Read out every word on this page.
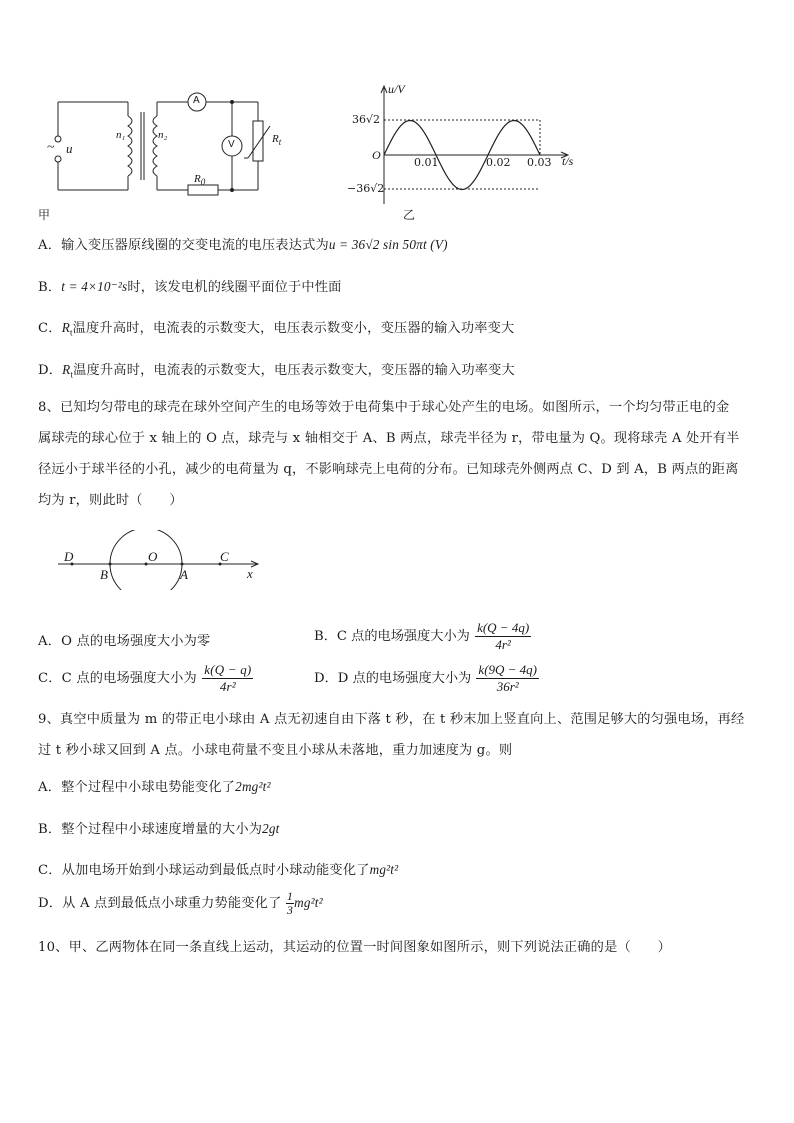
~ u
n₁	n₂
A
V	$R_t$
$R_0$
甲
u/V
t/s
O
36√2
−36√2
0.01	0.02 0.03
乙
A．输入变压器原线圈的交变电流的电压表达式为u = 36√2 sin 50πt (V)
B．t = 4×10⁻²s时，该发电机的线圈平面位于中性面
C．$R_t$温度升高时，电流表的示数变大，电压表示数变小，变压器的输入功率变大
D．$R_t$温度升高时，电流表的示数变大，电压表示数变大，变压器的输入功率变大
8、已知均匀带电的球壳在球外空间产生的电场等效于电荷集中于球心处产生的电场。如图所示，一个均匀带正电的金
属球壳的球心位于 x 轴上的 O 点，球壳与 x 轴相交于 A、B 两点，球壳半径为 r，带电量为 Q。现将球壳 A 处开有半
径远小于球半径的小孔，减少的电荷量为 q，不影响球壳上电荷的分布。已知球壳外侧两点 C、D 到 A，B 两点的距离
均为 r，则此时（　　）
D	O	C
B	A	x
A．O 点的电场强度大小为零	B．C 点的电场强度大小为 $\frac{k(Q - 4q)}{\text{4r²}}$
C．C 点的电场强度大小为 $\frac{k(Q - q)}{\text{4r²}}$	D．D 点的电场强度大小为 $\frac{k(9Q - 4q)}{\text{36r²}}$
9、真空中质量为 m 的带正电小球由 A 点无初速自由下落 t 秒，在 t 秒末加上竖直向上、范围足够大的匀强电场，再经
过 t 秒小球又回到 A 点。小球电荷量不变且小球从未落地，重力加速度为 g。则
A．整个过程中小球电势能变化了2mg²t²
B．整个过程中小球速度增量的大小为2gt
C．从加电场开始到小球运动到最低点时小球动能变化了mg²t²
D．从 A 点到最低点小球重力势能变化了 $\frac{1}{3} mg^2t^2$
10、甲、乙两物体在同一条直线上运动，其运动的位置一时间图象如图所示，则下列说法正确的是（　　）
